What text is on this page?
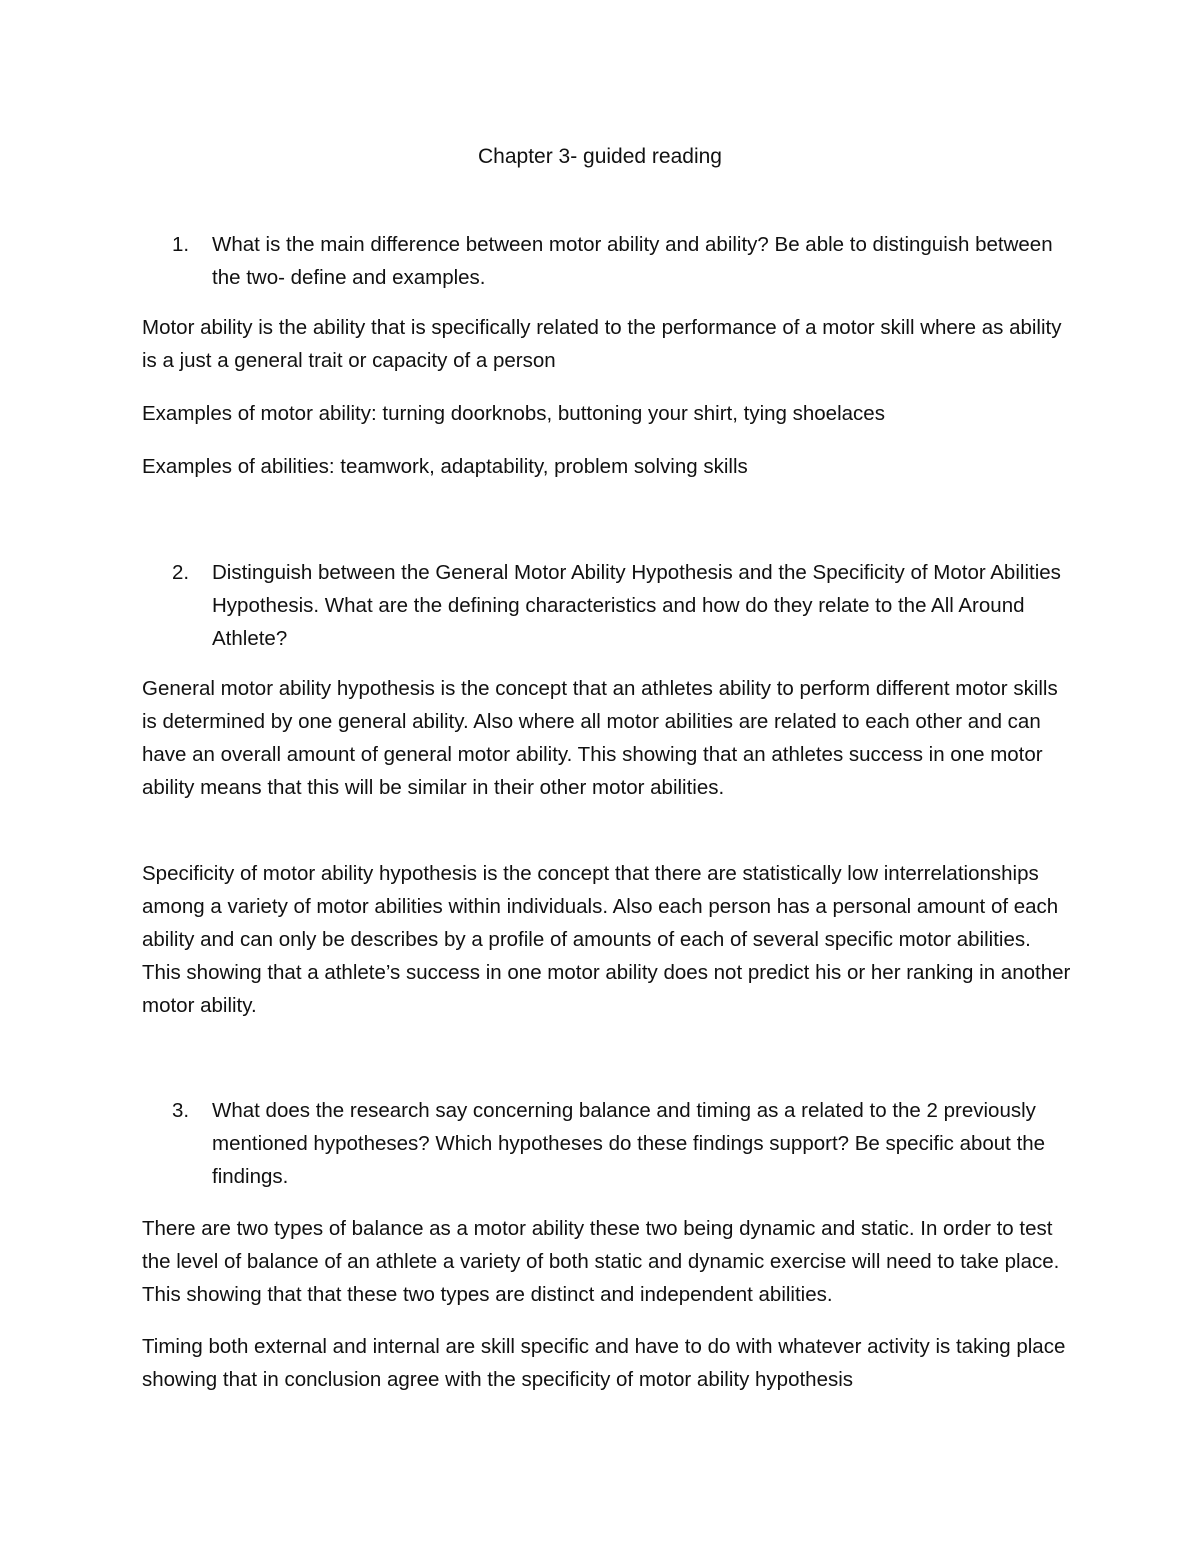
Chapter 3- guided reading
1.	What is the main difference between motor ability and ability? Be able to distinguish between the two- define and examples.
Motor ability is the ability that is specifically related to the performance of a motor skill where as ability is a just a general trait or capacity of a person
Examples of motor ability: turning doorknobs, buttoning your shirt, tying shoelaces
Examples of abilities: teamwork, adaptability, problem solving skills
2.	Distinguish between the General Motor Ability Hypothesis and the Specificity of Motor Abilities Hypothesis. What are the defining characteristics and how do they relate to the All Around Athlete?
General motor ability hypothesis is the concept that an athletes ability to perform different motor skills is determined by one general ability. Also where all motor abilities are related to each other and can have an overall amount of general motor ability. This showing that an athletes success in one motor ability means that this will be similar in their other motor abilities.
Specificity of motor ability hypothesis is the concept that there are statistically low interrelationships among a variety of motor abilities within individuals. Also each person has a personal amount of each ability and can only be describes by a profile of amounts of each of several specific motor abilities. This showing that a athlete’s success in one motor ability does not predict his or her ranking in another motor ability.
3.	What does the research say concerning balance and timing as a related to the 2 previously mentioned hypotheses? Which hypotheses do these findings support? Be specific about the findings.
There are two types of balance as a motor ability these two being dynamic and static. In order to test the level of balance of an athlete a variety of both static and dynamic exercise will need to take place. This showing that that these two types are distinct and independent abilities.
Timing both external and internal are skill specific and have to do with whatever activity is taking place showing that in conclusion agree with the specificity of motor ability hypothesis
